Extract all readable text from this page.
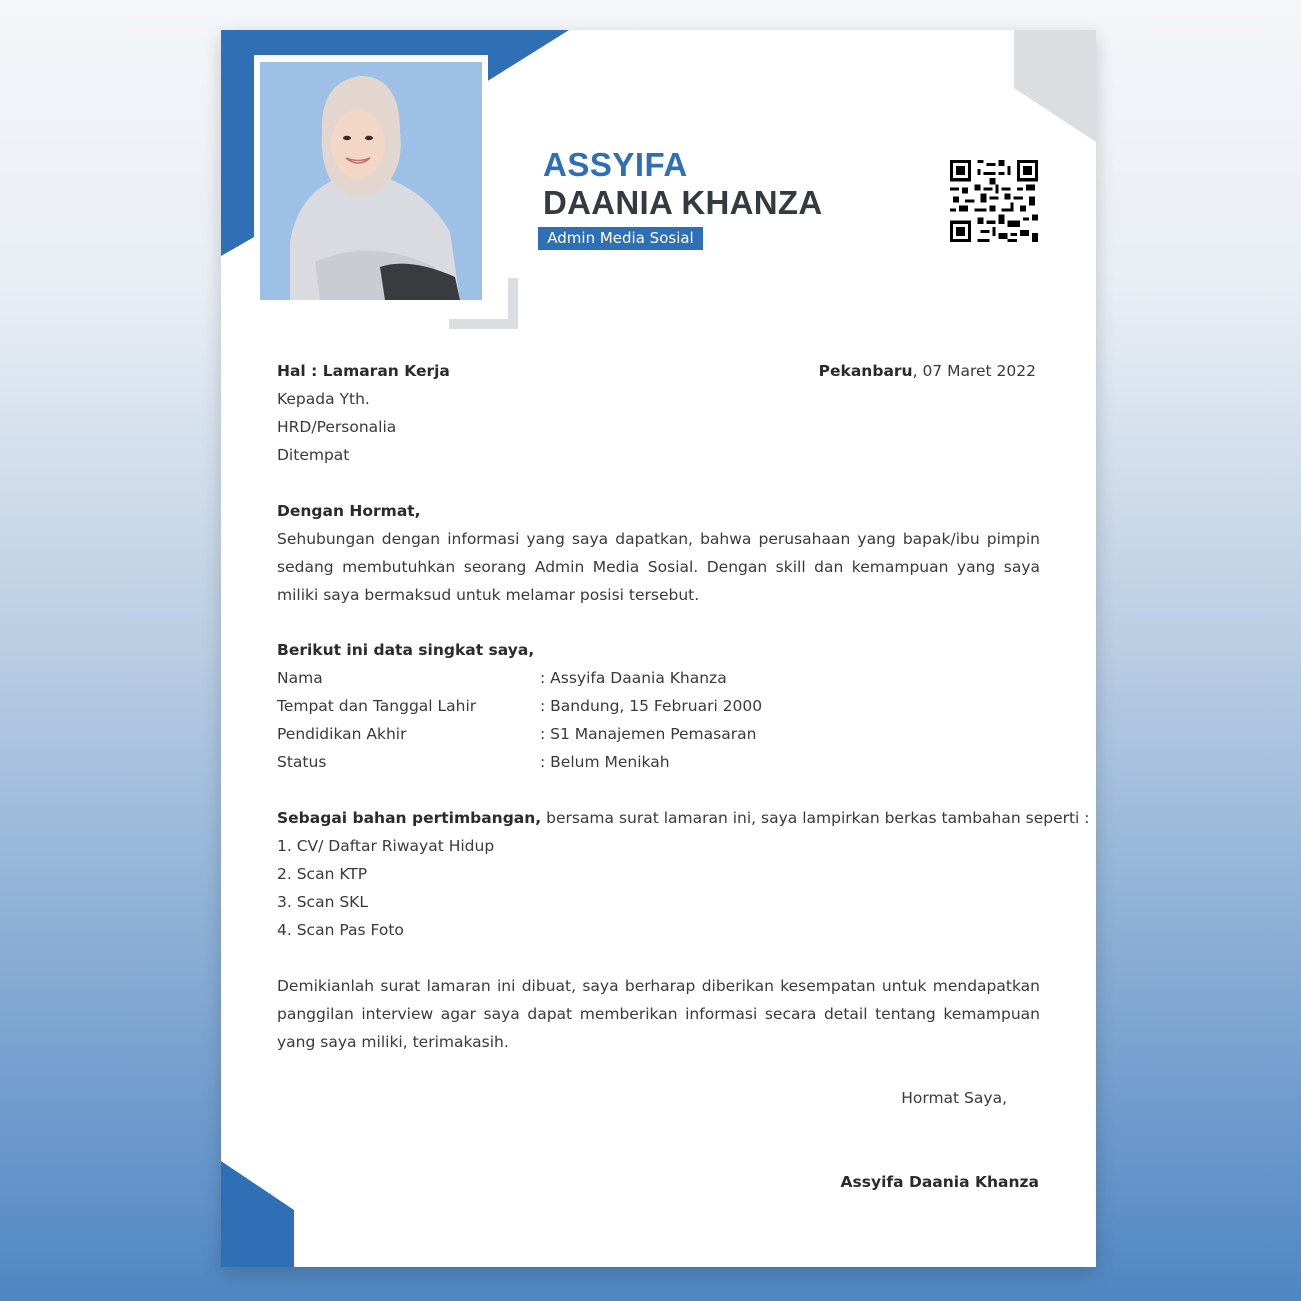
ASSYIFA
DAANIA KHANZA
Admin Media Sosial
Hal : Lamaran Kerja	Pekanbaru, 07 Maret 2022
Kepada Yth.
HRD/Personalia
Ditempat
Dengan Hormat,
Sehubungan dengan informasi yang saya dapatkan, bahwa perusahaan yang bapak/ibu pimpin sedang membutuhkan seorang Admin Media Sosial. Dengan skill dan kemampuan yang saya miliki saya bermaksud untuk melamar posisi tersebut.
Berikut ini data singkat saya,
Nama	: Assyifa Daania Khanza
Tempat dan Tanggal Lahir	: Bandung, 15 Februari 2000
Pendidikan Akhir	: S1 Manajemen Pemasaran
Status	: Belum Menikah
Sebagai bahan pertimbangan, bersama surat lamaran ini, saya lampirkan berkas tambahan seperti :
1. CV/ Daftar Riwayat Hidup
2. Scan KTP
3. Scan SKL
4. Scan Pas Foto
Demikianlah surat lamaran ini dibuat, saya berharap diberikan kesempatan untuk mendapatkan panggilan interview agar saya dapat memberikan informasi secara detail tentang kemampuan yang saya miliki, terimakasih.
Hormat Saya,
Assyifa Daania Khanza
